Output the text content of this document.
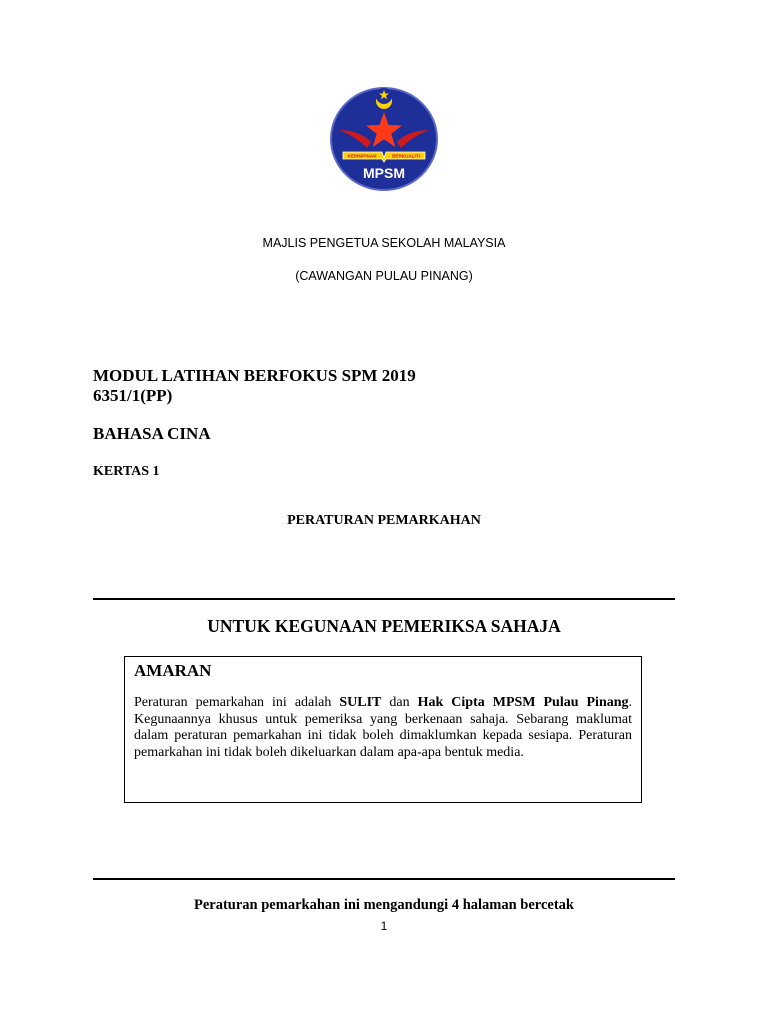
KEPIMPINAN	BERKUALITI
MPSM
MAJLIS PENGETUA SEKOLAH MALAYSIA
(CAWANGAN PULAU PINANG)
MODUL LATIHAN BERFOKUS SPM 2019
6351/1(PP)
BAHASA CINA
KERTAS 1
PERATURAN PEMARKAHAN
UNTUK KEGUNAAN PEMERIKSA SAHAJA
AMARAN

Peraturan pemarkahan ini adalah SULIT dan Hak Cipta MPSM Pulau Pinang. Kegunaannya khusus untuk pemeriksa yang berkenaan sahaja. Sebarang maklumat dalam peraturan pemarkahan ini tidak boleh dimaklumkan kepada sesiapa. Peraturan pemarkahan ini tidak boleh dikeluarkan dalam apa-apa bentuk media.

Peraturan pemarkahan ini mengandungi 4 halaman bercetak
1
